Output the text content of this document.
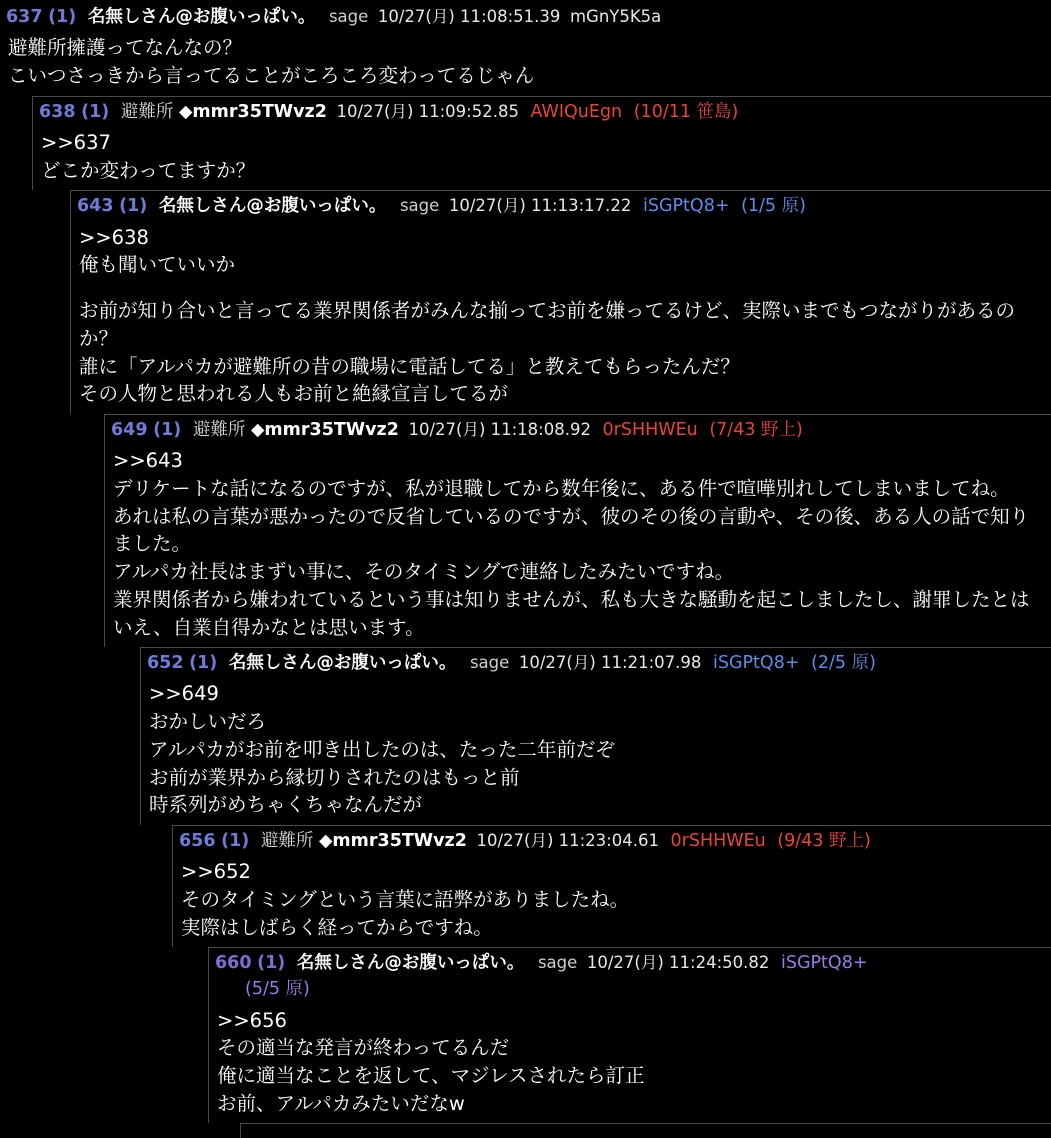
637 (1) 名無しさん@お腹いっぱい。 sage 10/27(月) 11:08:51.39 mGnY5K5a
避難所擁護ってなんなの？
こいつさっきから言ってることがころころ変わってるじゃん
638 (1) 避難所 ◆mmr35TWvz2 10/27(月) 11:09:52.85 AWIQuEgn (10/11 笹島)
>>637
どこか変わってますか？
643 (1) 名無しさん@お腹いっぱい。 sage 10/27(月) 11:13:17.22 iSGPtQ8+ (1/5 原)
>>638
俺も聞いていいか

お前が知り合いと言ってる業界関係者がみんな揃ってお前を嫌ってるけど、実際いまでもつながりがあるのか？
誰に「アルパカが避難所の昔の職場に電話してる」と教えてもらったんだ？
その人物と思われる人もお前と絶縁宣言してるが
649 (1) 避難所 ◆mmr35TWvz2 10/27(月) 11:18:08.92 0rSHHWEu (7/43 野上)
>>643
デリケートな話になるのですが、私が退職してから数年後に、ある件で喧嘩別れしてしまいましてね。
あれは私の言葉が悪かったので反省しているのですが、彼のその後の言動や、その後、ある人の話で知りました。
アルパカ社長はまずい事に、そのタイミングで連絡したみたいですね。
業界関係者から嫌われているという事は知りませんが、私も大きな騒動を起こしましたし、謝罪したとはいえ、自業自得かなとは思います。
652 (1) 名無しさん@お腹いっぱい。 sage 10/27(月) 11:21:07.98 iSGPtQ8+ (2/5 原)
>>649
おかしいだろ
アルパカがお前を叩き出したのは、たった二年前だぞ
お前が業界から縁切りされたのはもっと前
時系列がめちゃくちゃなんだが
656 (1) 避難所 ◆mmr35TWvz2 10/27(月) 11:23:04.61 0rSHHWEu (9/43 野上)
>>652
そのタイミングという言葉に語弊がありましたね。
実際はしばらく経ってからですね。
660 (1) 名無しさん@お腹いっぱい。 sage 10/27(月) 11:24:50.82 iSGPtQ8+
(5/5 原)
>>656
その適当な発言が終わってるんだ
俺に適当なことを返して、マジレスされたら訂正
お前、アルパカみたいだなw
